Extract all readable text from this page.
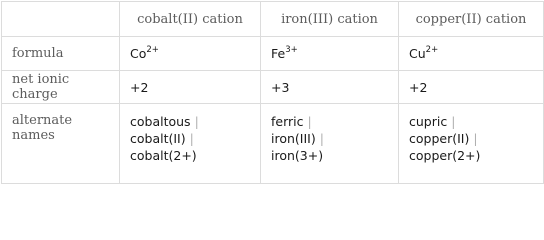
	cobalt(II) cation	iron(III) cation	copper(II) cation
formula	$Co^{2+}$	$Fe^{3+}$	$Cu^{2+}$
net ionic charge	+2	+3	+2
alternate names	cobaltous |
cobalt(II) |
cobalt(2+)	ferric |
iron(III) |
iron(3+)	cupric |
copper(II) |
copper(2+)
